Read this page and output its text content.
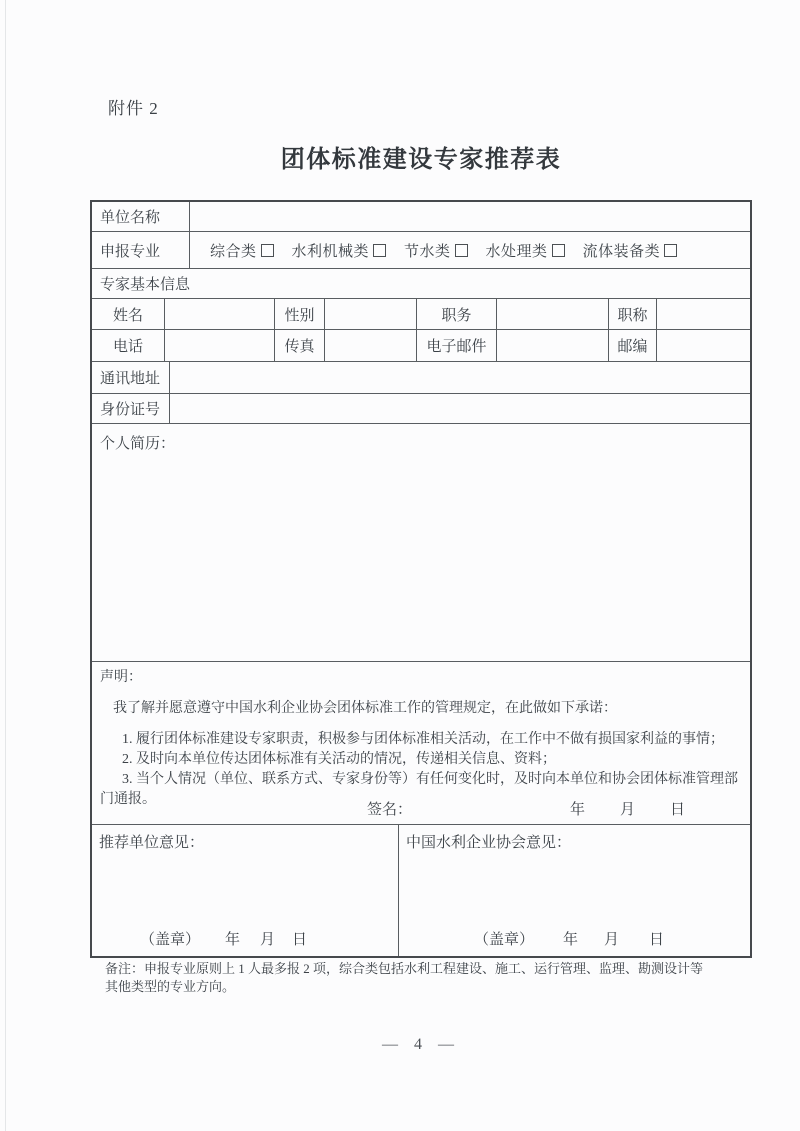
附件 2
团体标准建设专家推荐表
单位名称
申报专业	综合类	水利机械类	节水类	水处理类	流体装备类
专家基本信息
姓名	性别	职务	职称
电话	传真	电子邮件	邮编
通讯地址
身份证号
个人简历：

声明：

我了解并愿意遵守中国水利企业协会团体标准工作的管理规定，在此做如下承诺：

1. 履行团体标准建设专家职责，积极参与团体标准相关活动，在工作中不做有损国家利益的事情；

2. 及时向本单位传达团体标准有关活动的情况，传递相关信息、资料；

3. 当个人情况（单位、联系方式、专家身份等）有任何变化时，及时向本单位和协会团体标准管理部门通报。

签名：	年 月 日
推荐单位意见：
（盖章） 年 月 日
中国水利企业协会意见：
（盖章） 年 月 日
备注：申报专业原则上 1 人最多报 2 项，综合类包括水利工程建设、施工、运行管理、监理、勘测设计等
其他类型的专业方向。
— 4 —
